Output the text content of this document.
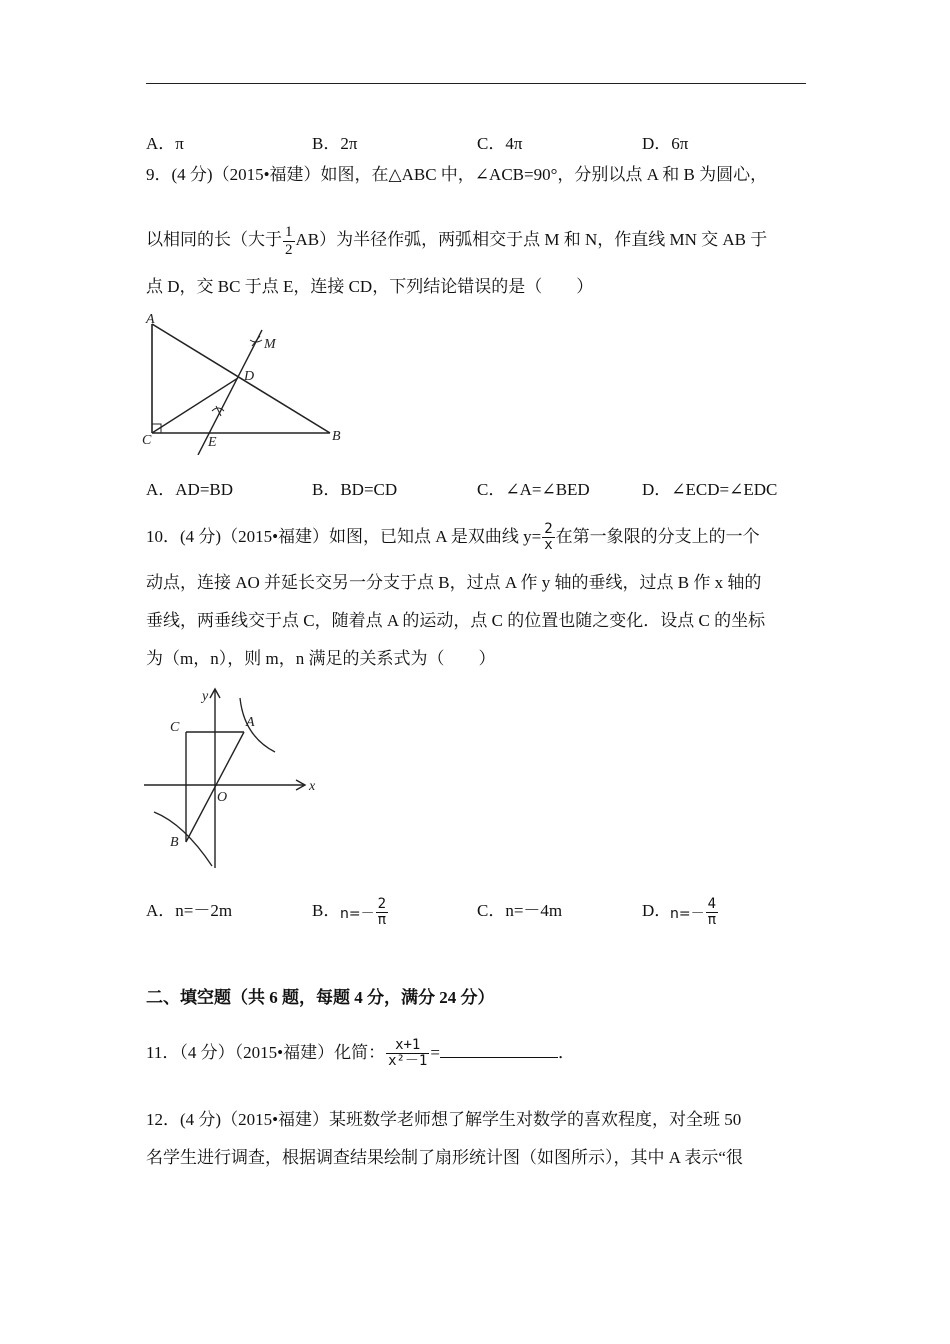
A．π	B．2π	C．4π	D．6π
9．(4 分)（2015•福建）如图，在△ABC 中，∠ACB=90°，分别以点 A 和 B 为圆心，
以相同的长（大于 $\frac{1}{2} AB$）为半径作弧，两弧相交于点 M 和 N，作直线 MN 交 AB 于
点 D，交 BC 于点 E，连接 CD，下列结论错误的是（　　）
A
B
C
D
E
M
A．AD=BD	B．BD=CD	C．∠A=∠BED	D．∠ECD=∠EDC
10．(4 分)（2015•福建）如图，已知点 A 是双曲线 $y= \frac{2}{x}$ 在第一象限的分支上的一个
动点，连接 AO 并延长交另一分支于点 B，过点 A 作 y 轴的垂线，过点 B 作 x 轴的
垂线，两垂线交于点 C，随着点 A 的运动，点 C 的位置也随之变化．设点 C 的坐标
为（m，n），则 m，n 满足的关系式为（　　）
y
x
A
B
C
O
A．n=－2m	B． $n=- \frac{2}{\pi}$	C．n=－4m	D．
$n=- \frac{4}{\pi}$
二、填空题（共 6 题，每题 4 分，满分 24 分）
11．（4 分）（2015•福建）化简： $\frac{x+1}{\text{x²－1}}$ =	．
12．(4 分)（2015•福建）某班数学老师想了解学生对数学的喜欢程度，对全班 50
名学生进行调查，根据调查结果绘制了扇形统计图（如图所示），其中 A 表示“很
